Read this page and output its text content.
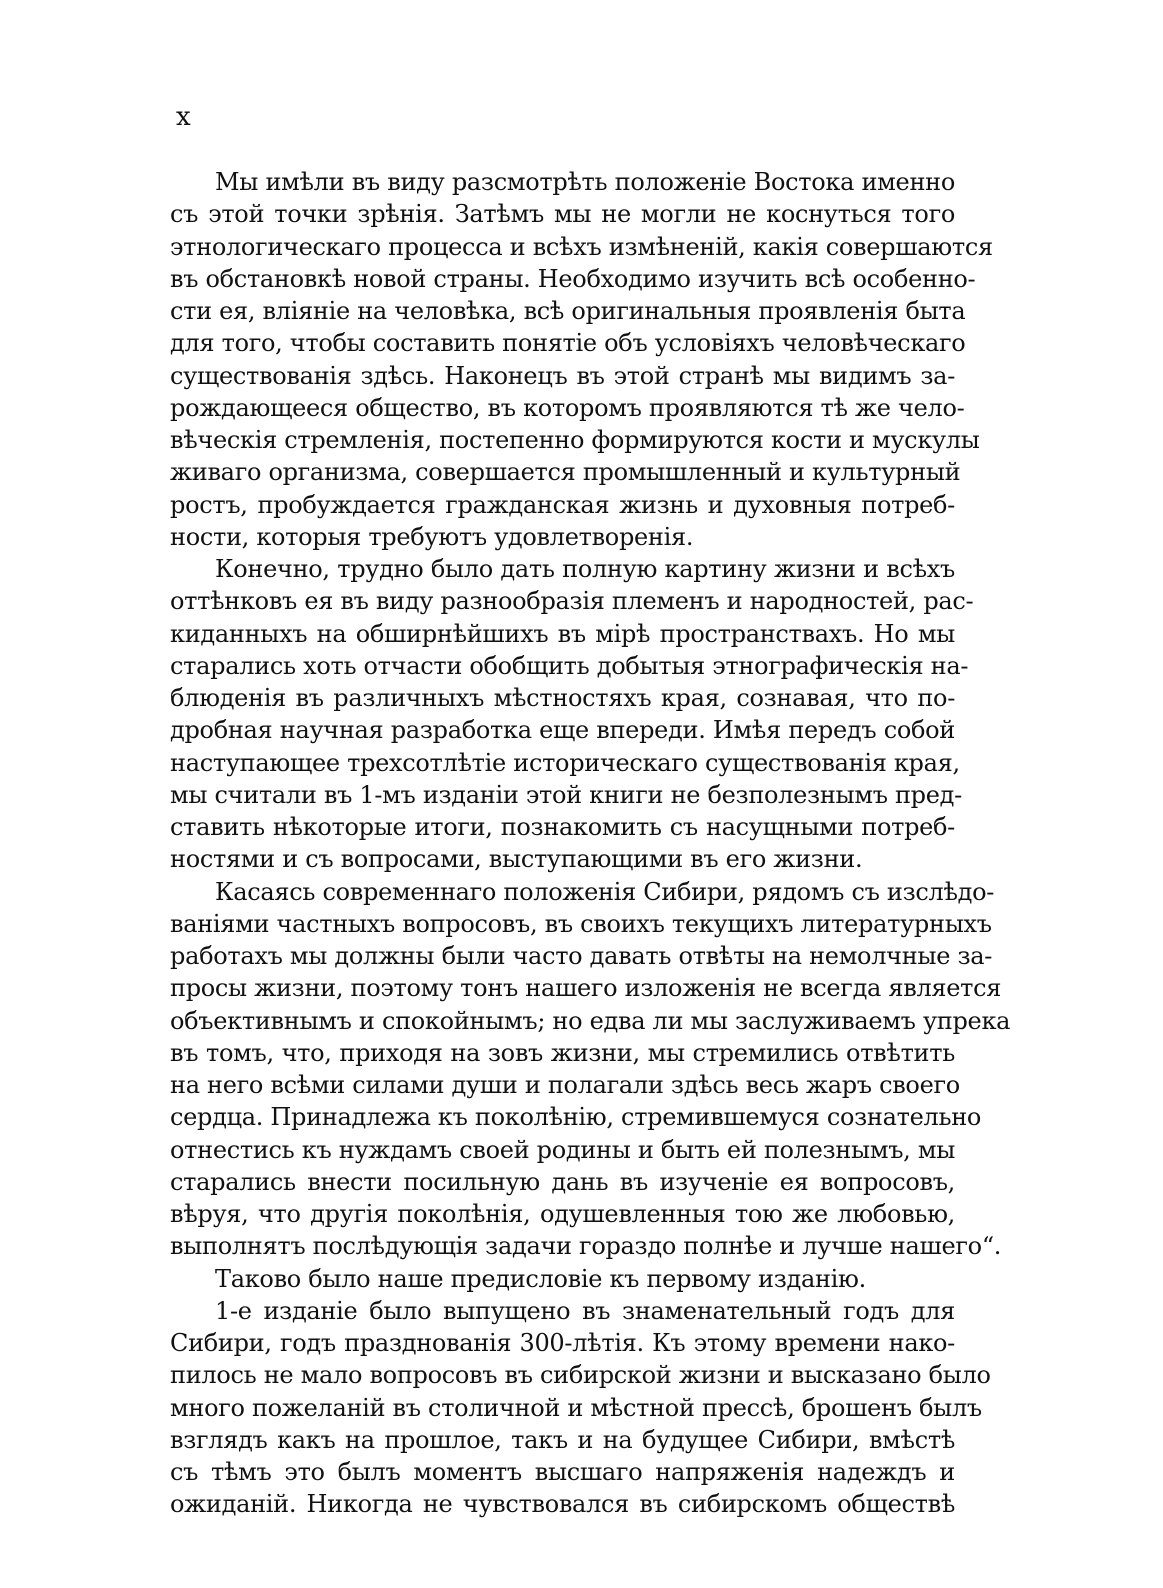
x
Мы имѣли въ виду разсмотрѣть положеніе Востока именно
съ этой точки зрѣнія. Затѣмъ мы не могли не коснуться того
этнологическаго процесса и всѣхъ измѣненій, какія совершаются
въ обстановкѣ новой страны. Необходимо изучить всѣ особенно-
сти ея, вліяніе на человѣка, всѣ оригинальныя проявленія быта
для того, чтобы составить понятіе объ условіяхъ человѣческаго
существованія здѣсь. Наконецъ въ этой странѣ мы видимъ за-
рождающееся общество, въ которомъ проявляются тѣ же чело-
вѣческія стремленія, постепенно формируются кости и мускулы
живаго организма, совершается промышленный и культурный
ростъ, пробуждается гражданская жизнь и духовныя потреб-
ности, которыя требуютъ удовлетворенія.
Конечно, трудно было дать полную картину жизни и всѣхъ
оттѣнковъ ея въ виду разнообразія племенъ и народностей, рас-
киданныхъ на обширнѣйшихъ въ мірѣ пространствахъ. Но мы
старались хоть отчасти обобщить добытыя этнографическія на-
блюденія въ различныхъ мѣстностяхъ края, сознавая, что по-
дробная научная разработка еще впереди. Имѣя передъ собой
наступающее трехсотлѣтіе историческаго существованія края,
мы считали въ 1-мъ изданіи этой книги не безполезнымъ пред-
ставить нѣкоторые итоги, познакомить съ насущными потреб-
ностями и съ вопросами, выступающими въ его жизни.
Касаясь современнаго положенія Сибири, рядомъ съ изслѣдо-
ваніями частныхъ вопросовъ, въ своихъ текущихъ литературныхъ
работахъ мы должны были часто давать отвѣты на немолчные за-
просы жизни, поэтому тонъ нашего изложенія не всегда является
объективнымъ и спокойнымъ; но едва ли мы заслуживаемъ упрека
въ томъ, что, приходя на зовъ жизни, мы стремились отвѣтить
на него всѣми силами души и полагали здѣсь весь жаръ своего
сердца. Принадлежа къ поколѣнію, стремившемуся сознательно
отнестись къ нуждамъ своей родины и быть ей полезнымъ, мы
старались внести посильную дань въ изученіе ея вопросовъ,
вѣруя, что другія поколѣнія, одушевленныя тою же любовью,
выполнятъ послѣдующія задачи гораздо полнѣе и лучше нашего“.
Таково было наше предисловіе къ первому изданію.
1-е изданіе было выпущено въ знаменательный годъ для
Сибири, годъ празднованія 300-лѣтія. Къ этому времени нако-
пилось не мало вопросовъ въ сибирской жизни и высказано было
много пожеланій въ столичной и мѣстной прессѣ, брошенъ былъ
взглядъ какъ на прошлое, такъ и на будущее Сибири, вмѣстѣ
съ тѣмъ это былъ моментъ высшаго напряженія надеждъ и
ожиданій. Никогда не чувствовался въ сибирскомъ обществѣ
